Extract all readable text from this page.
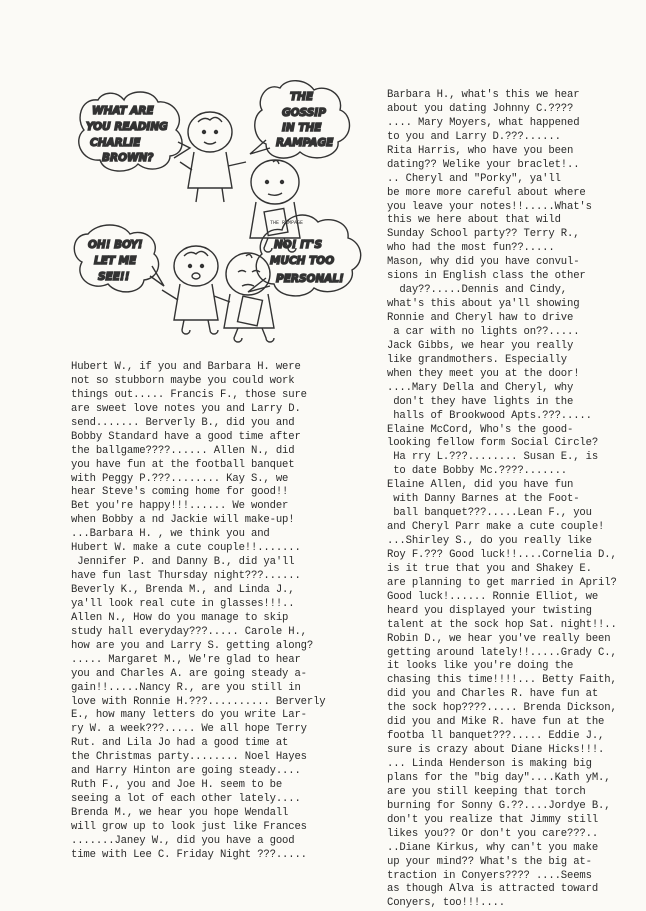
WHAT ARE
YOU READING
CHARLIE
BROWN?
THE
GOSSIP
IN THE
RAMPAGE
THE RAMPAGE
OH! BOY!
LET ME
SEE!!
NO! IT'S
MUCH TOO
PERSONAL!
Hubert W., if you and Barbara H. were
not so stubborn maybe you could work
things out..... Francis F., those sure
are sweet love notes you and Larry D.
send....... Berverly B., did you and
Bobby Standard have a good time after
the ballgame????...... Allen N., did
you have fun at the football banquet
with Peggy P.???........ Kay S., we
hear Steve's coming home for good!!
Bet you're happy!!!...... We wonder
when Bobby a nd Jackie will make-up!
...Barbara H. , we think you and
Hubert W. make a cute couple!!.......
Jennifer P. and Danny B., did ya'll
have fun last Thursday night???......
Beverly K., Brenda M., and Linda J.,
ya'll look real cute in glasses!!!..
Allen N., How do you manage to skip
study hall everyday???..... Carole H.,
how are you and Larry S. getting along?
..... Margaret M., We're glad to hear
you and Charles A. are going steady a-
gain!!.....Nancy R., are you still in
love with Ronnie H.???.......... Berverly
E., how many letters do you write Lar-
ry W. a week???..... We all hope Terry
Rut. and Lila Jo had a good time at
the Christmas party........ Noel Hayes
and Harry Hinton are going steady....
Ruth F., you and Joe H. seem to be
seeing a lot of each other lately....
Brenda M., we hear you hope Wendall
will grow up to look just like Frances
.......Janey W., did you have a good
time with Lee C. Friday Night ???.....
Barbara H., what's this we hear
about you dating Johnny C.????
.... Mary Moyers, what happened
to you and Larry D.???......
Rita Harris, who have you been
dating?? Welike your braclet!..
.. Cheryl and "Porky", ya'll
be more more careful about where
you leave your notes!!.....What's
this we here about that wild
Sunday School party?? Terry R.,
who had the most fun??.....
Mason, why did you have convul-
sions in English class the other
day??.....Dennis and Cindy,
what's this about ya'll showing
Ronnie and Cheryl haw to drive
a car with no lights on??.....
Jack Gibbs, we hear you really
like grandmothers. Especially
when they meet you at the door!
....Mary Della and Cheryl, why
don't they have lights in the
halls of Brookwood Apts.???.....
Elaine McCord, Who's the good-
looking fellow form Social Circle?
Ha rry L.???........ Susan E., is
to date Bobby Mc.????.......
Elaine Allen, did you have fun
with Danny Barnes at the Foot-
ball banquet???.....Lean F., you
and Cheryl Parr make a cute couple!
...Shirley S., do you really like
Roy F.??? Good luck!!....Cornelia D.,
is it true that you and Shakey E.
are planning to get married in April?
Good luck!...... Ronnie Elliot, we
heard you displayed your twisting
talent at the sock hop Sat. night!!..
Robin D., we hear you've really been
getting around lately!!.....Grady C.,
it looks like you're doing the
chasing this time!!!!... Betty Faith,
did you and Charles R. have fun at
the sock hop????..... Brenda Dickson,
did you and Mike R. have fun at the
footba ll banquet???..... Eddie J.,
sure is crazy about Diane Hicks!!!.
... Linda Henderson is making big
plans for the "big day"....Kath yM.,
are you still keeping that torch
burning for Sonny G.??....Jordye B.,
don't you realize that Jimmy still
likes you?? Or don't you care???..
..Diane Kirkus, why can't you make
up your mind?? What's the big at-
traction in Conyers???? ....Seems
as though Alva is attracted toward
Conyers, too!!!....
